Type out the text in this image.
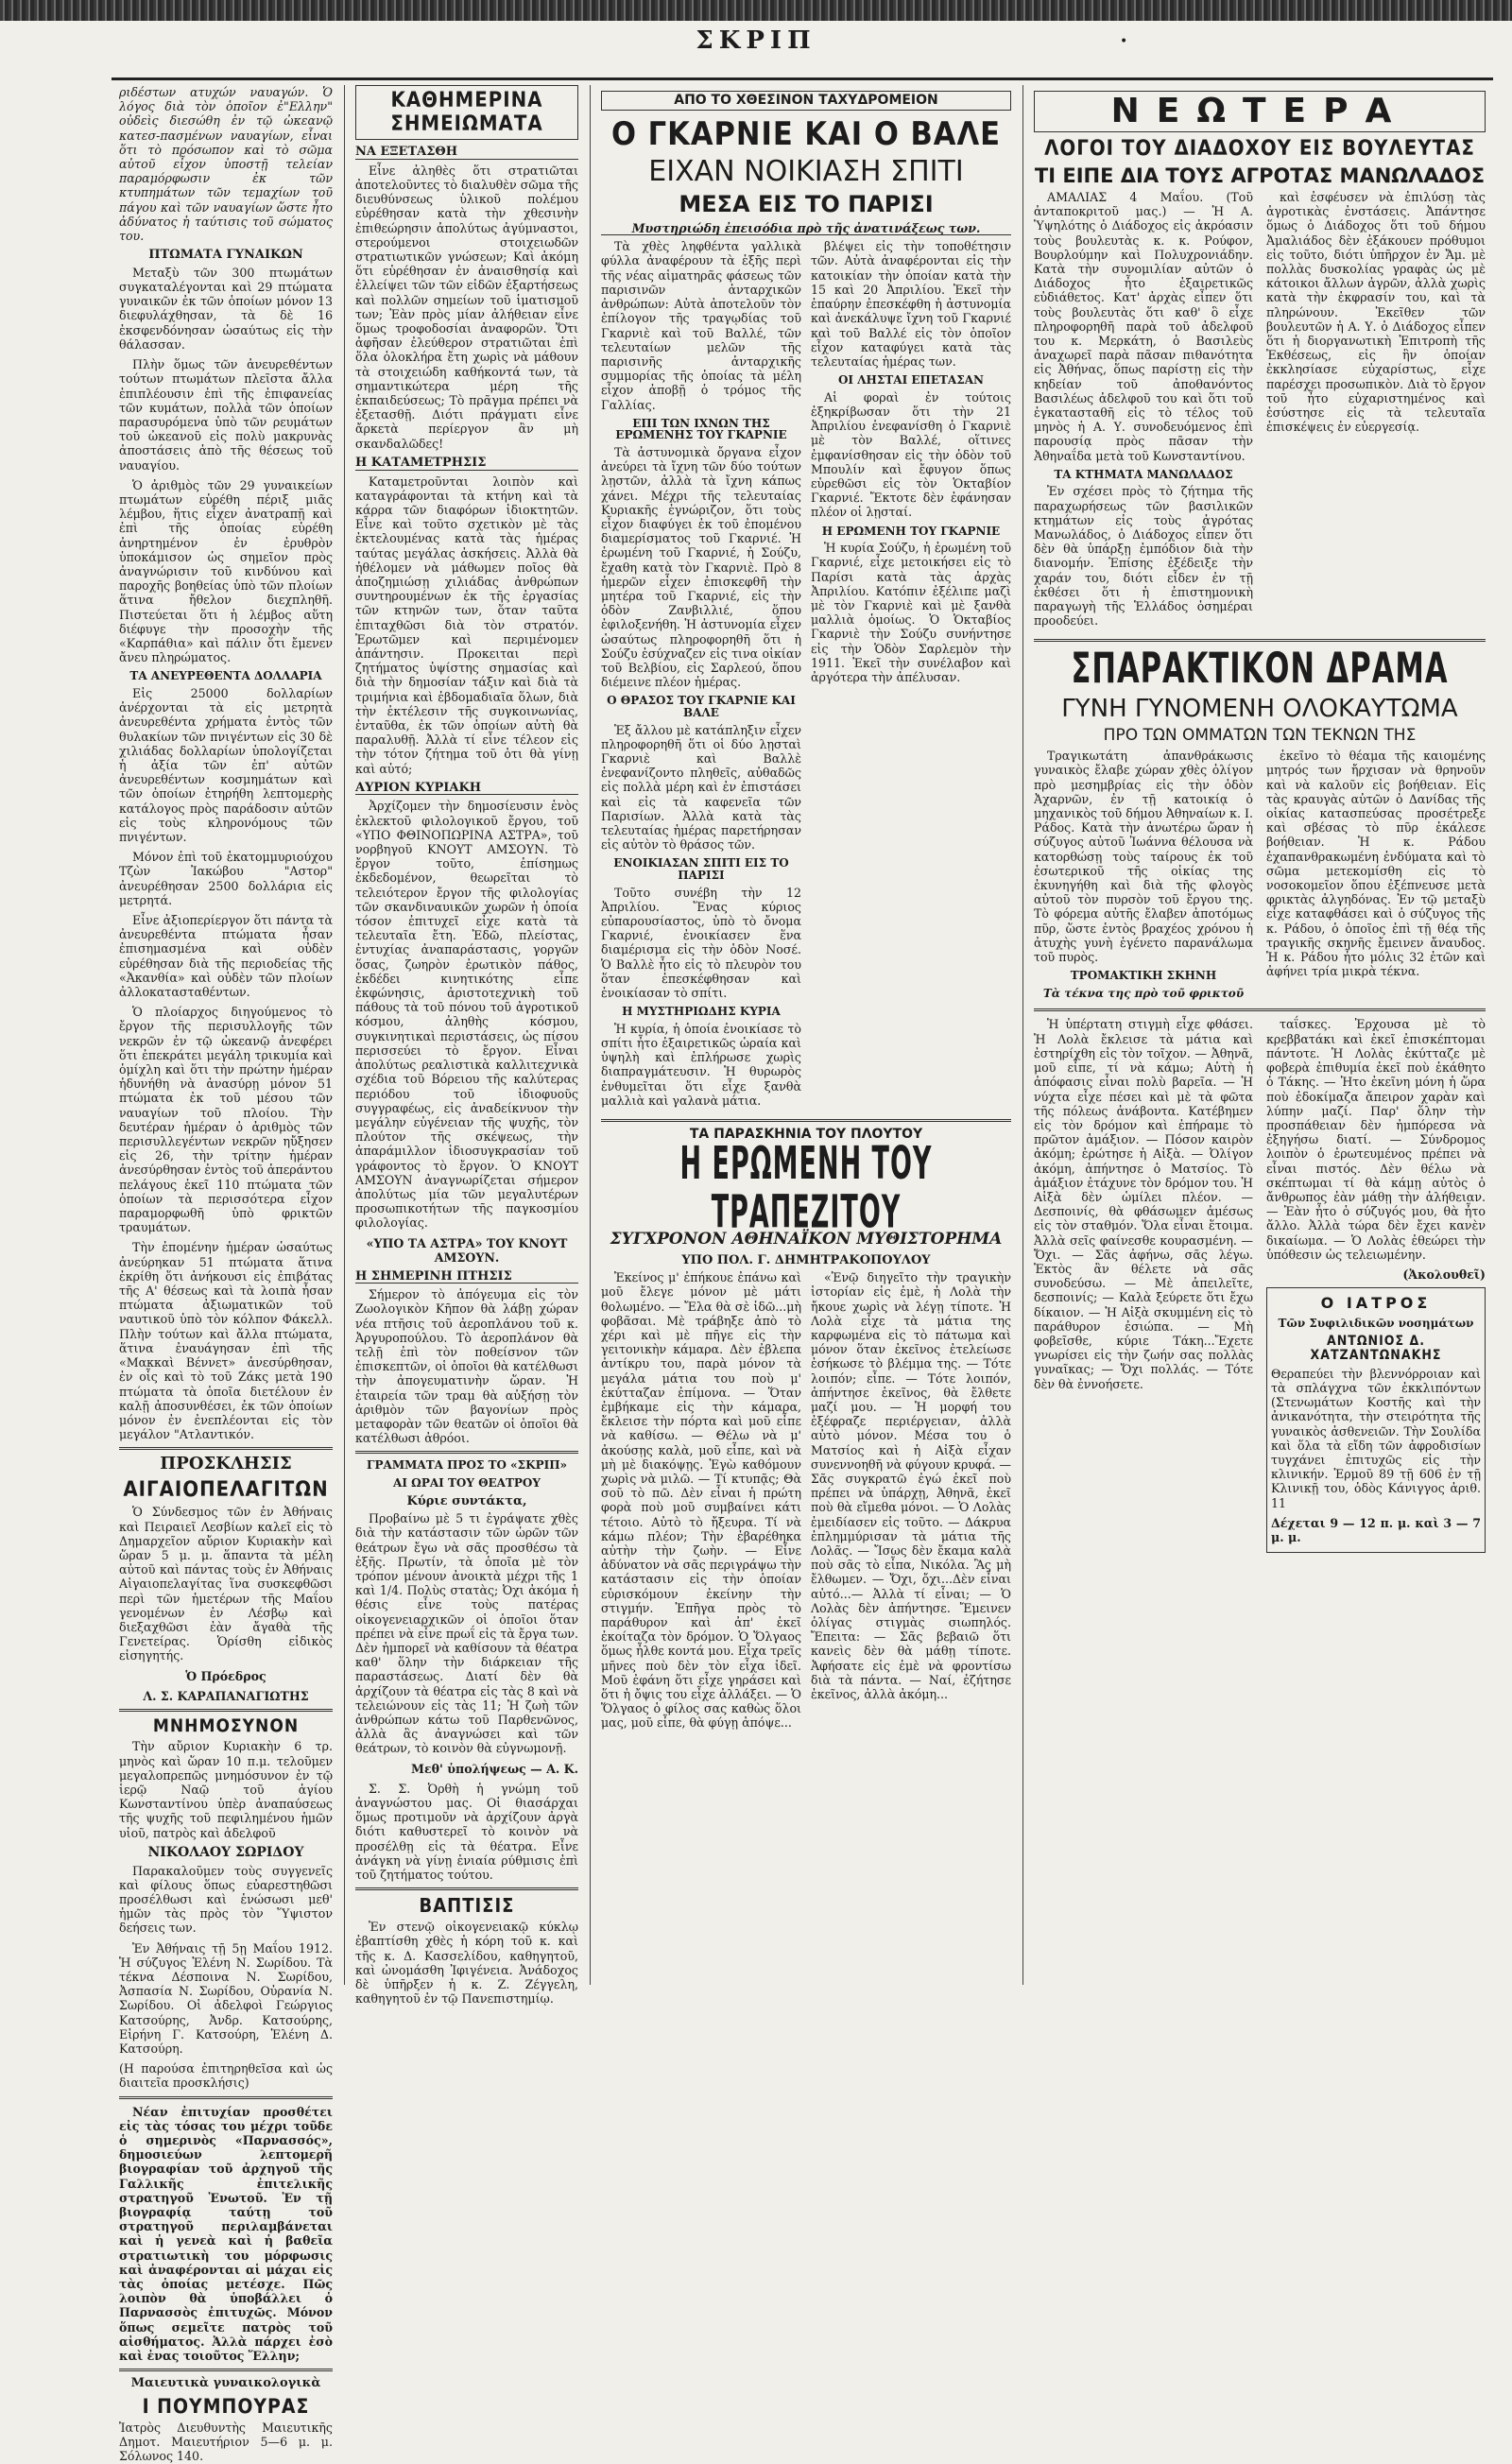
ΣΚΡΙΠ	•

ριδέστων ατυχών ναυαγών. Ὁ λόγος διὰ τὸν ὁποῖον ἐ"Ελλην" οὐδεὶς διεσώθη ἐν τῷ ὠκεανῷ κατεσ-πασμένων ναυαγίων, εἶναι ὅτι τὸ πρόσωπον καὶ τὸ σῶμα αὐτοῦ εἶχον ὑποστῇ τελείαν παραμόρφωσιν ἐκ τῶν κτυπημάτων τῶν τεμαχίων τοῦ πάγου καὶ τῶν ναυαγίων ὥστε ἦτο ἀδύνατος ἡ ταύτισις τοῦ σώματος του.

ΠΤΩΜΑΤΑ ΓΥΝΑΙΚΩΝ

Μεταξὺ τῶν 300 πτωμάτων συγκαταλέγονται καὶ 29 πτώματα γυναικῶν ἐκ τῶν ὁποίων μόνον 13 διεφυλάχθησαν, τὰ δὲ 16 ἐκσφενδόνησαν ὡσαύτως εἰς τὴν θάλασσαν.

Πλὴν ὅμως τῶν ἀνευρεθέντων τούτων πτωμάτων πλεῖστα ἄλλα ἐπιπλέουσιν ἐπὶ τῆς ἐπιφανείας τῶν κυμάτων, πολλὰ τῶν ὁποίων παρασυρόμενα ὑπὸ τῶν ρευμάτων τοῦ ὠκεανοῦ εἰς πολὺ μακρυνὰς ἀποστάσεις ἀπὸ τῆς θέσεως τοῦ ναυαγίου.

Ὁ ἀριθμὸς τῶν 29 γυναικείων πτωμάτων εὑρέθη πέριξ μιᾶς λέμβου, ἥτις εἶχεν ἀνατραπῇ καὶ ἐπὶ τῆς ὁποίας εὑρέθη ἀνηρτημένον ἐν ἐρυθρὸν ὑποκάμισον ὡς σημεῖον πρὸς ἀναγνώρισιν τοῦ κινδύνου καὶ παροχῆς βοηθείας ὑπὸ τῶν πλοίων ἅτινα ἤθελον διεχπληθῆ. Πιστεύεται ὅτι ἡ λέμβος αὕτη διέφυγε τὴν προσοχὴν τῆς «Καρπάθια» καὶ πάλιν ὅτι ἔμενεν ἄνευ πληρώματος.

ΤΑ ΑΝΕΥΡΕΘΕΝΤΑ ΔΟΛΛΑΡΙΑ

Εἰς 25000 δολλαρίων ἀνέρχονται τὰ εἰς μετρητὰ ἀνευρεθέντα χρήματα ἐντὸς τῶν θυλακίων τῶν πνιγέντων εἰς 30 δὲ χιλιάδας δολλαρίων ὑπολογίζεται ἡ ἀξία τῶν ἐπ' αὐτῶν ἀνευρεθέντων κοσμημάτων καὶ τῶν ὁποίων ἐτηρήθη λεπτομερὴς κατάλογος πρὸς παράδοσιν αὐτῶν εἰς τοὺς κληρονόμους τῶν πνιγέντων.

Μόνον ἐπὶ τοῦ ἑκατομμυριούχου Τζὼν Ἰακώβου "Αστορ" ἀνευρέθησαν 2500 δολλάρια εἰς μετρητά.

Εἶνε ἀξιοπερίεργον ὅτι πάντα τὰ ἀνευρεθέντα πτώματα ἦσαν ἐπισημασμένα καὶ οὐδὲν εὑρέθησαν διὰ τῆς περιοδείας τῆς «Ἀκανθία» καὶ οὐδὲν τῶν πλοίων ἀλλοκατασταθέντων.

Ὁ πλοίαρχος διηγούμενος τὸ ἔργον τῆς περισυλλογῆς τῶν νεκρῶν ἐν τῷ ὠκεανῷ ἀνεφέρει ὅτι ἐπεκράτει μεγάλη τρικυμία καὶ ὁμίχλη καὶ ὅτι τὴν πρώτην ἡμέραν ἠδυνήθη νὰ ἀνασύρῃ μόνον 51 πτώματα ἐκ τοῦ μέσου τῶν ναυαγίων τοῦ πλοίου. Τὴν δευτέραν ἡμέραν ὁ ἀριθμὸς τῶν περισυλλεγέντων νεκρῶν ηὔξησεν εἰς 26, τὴν τρίτην ἡμέραν ἀνεσύρθησαν ἐντὸς τοῦ ἀπεράντου πελάγους ἐκεῖ 110 πτώματα τῶν ὁποίων τὰ περισσότερα εἶχον παραμορφωθῆ ὑπὸ φρικτῶν τραυμάτων.

Τὴν ἐπομένην ἡμέραν ὡσαύτως ἀνεύρηκαν 51 πτώματα ἅτινα ἐκρίθη ὅτι ἀνήκουσι εἰς ἐπιβάτας τῆς Α' θέσεως καὶ τὰ λοιπὰ ἦσαν πτώματα ἀξιωματικῶν τοῦ ναυτικοῦ ὑπὸ τὸν κόλπον Φάκελλ. Πλὴν τούτων καὶ ἄλλα πτώματα, ἅτινα ἐναυάγησαν ἐπὶ τῆς «Μακκαὶ Βέννετ» ἀνεσύρθησαν, ἐν οἷς καὶ τὸ τοῦ Ζάκς μετὰ 190 πτώματα τὰ ὁποῖα διετέλουν ἐν καλῇ ἀποσυνθέσει, ἐκ τῶν ὁποίων μόνον ἐν ἐνεπλέονται εἰς τὸν μεγάλον "Ατλαντικόν.

ΠΡΟΣΚΛΗΣΙΣ
ΑΙΓΑΙΟΠΕΛΑΓΙΤΩΝ

Ὁ Σύνδεσμος τῶν ἐν Ἀθήναις καὶ Πειραιεῖ Λεσβίων καλεῖ εἰς τὸ Δημαρχεῖον αὔριον Κυριακὴν καὶ ὥραν 5 μ. μ. ἅπαντα τὰ μέλη αὐτοῦ καὶ πάντας τοὺς ἐν Ἀθήναις Αἰγαιοπελαγίτας ἵνα συσκεφθῶσι περὶ τῶν ἡμετέρων τῆς Μαΐου γενομένων ἐν Λέσβῳ καὶ διεξαχθῶσι ἐὰν ἄγαθὰ τῆς Γενετείρας. Ὁρίσθη εἰδικὸς εἰσηγητής.

Ὁ Πρόεδρος

Λ. Σ. ΚΑΡΑΠΑΝΑΓΙΩΤΗΣ

ΜΝΗΜΟΣΥΝΟΝ

Τὴν αὔριον Κυριακὴν 6 τρ. μηνὸς καὶ ὥραν 10 π.μ. τελοῦμεν μεγαλοπρεπῶς μνημόσυνον ἐν τῷ ἱερῷ Ναῷ τοῦ ἁγίου Κωνσταντίνου ὑπὲρ ἀναπαύσεως τῆς ψυχῆς τοῦ πεφιλημένου ἡμῶν υἱοῦ, πατρὸς καὶ ἀδελφοῦ

ΝΙΚΟΛΑΟΥ ΣΩΡΙΔΟΥ

Παρακαλοῦμεν τοὺς συγγενεῖς καὶ φίλους ὅπως εὐαρεστηθῶσι προσέλθωσι καὶ ἑνώσωσι μεθ' ἡμῶν τὰς πρὸς τὸν Ὕψιστον δεήσεις των.

Ἐν Ἀθήναις τῇ 5ῃ Μαΐου 1912. Ἡ σύζυγος Ἑλένη Ν. Σωρίδου. Τὰ τέκνα Δέσποινα Ν. Σωρίδου, Ἀσπασία Ν. Σωρίδου, Οὐρανία Ν. Σωρίδου. Οἱ ἀδελφοὶ Γεώργιος Κατσούρης, Ἀνδρ. Κατσούρης, Εἰρήνη Γ. Κατσούρη, Ἑλένη Δ. Κατσούρη.

(Η παρούσα ἐπιτηρηθεῖσα καὶ ὡς διαιτεῖα προσκλήσις)

Νέαν ἐπιτυχίαν προσθέτει εἰς τὰς τόσας του μέχρι τοῦδε ὁ σημερινὸς «Παρνασσός», δημοσιεύων λεπτομερῆ βιογραφίαν τοῦ ἀρχηγοῦ τῆς Γαλλικῆς ἐπιτελικῆς στρατηγοῦ Ἐνωτοῦ. Ἐν τῇ βιογραφίᾳ ταύτῃ τοῦ στρατηγοῦ περιλαμβάνεται καὶ ἡ γενεὰ καὶ ἡ βαθεῖα στρατιωτικὴ του μόρφωσις καὶ ἀναφέρονται αἱ μάχαι εἰς τὰς ὁποίας μετέσχε. Πῶς λοιπὸν θὰ ὑποβάλλει ὁ Παρνασσὸς ἐπιτυχῶς. Μόνον ὅπως σεμεῖτε πατρὸς τοῦ αἰσθήματος. Ἀλλὰ πάρχει ἐσὸ καὶ ἐνας τοιοῦτος Ἕλλην;

Μαιευτικὰ γυναικολογικὰ
Ι ΠΟΥΜΠΟΥΡΑΣ

Ἰατρὸς Διευθυντὴς Μαιευτικῆς Δημοτ. Μαιευτήριον 5—6 μ. μ. Σόλωνος 140.

ΚΑΘΗΜΕΡΙΝΑ
ΣΗΜΕΙΩΜΑΤΑ
ΝΑ ΕΞΕΤΑΣΘΗ

Εἶνε ἀληθὲς ὅτι στρατιῶται ἀποτελοῦντες τὸ διαλυθὲν σῶμα τῆς διευθύνσεως ὑλικοῦ πολέμου εὑρέθησαν κατὰ τὴν χθεσινὴν ἐπιθεώρησιν ἀπολύτως ἀγύμναστοι, στερούμενοι στοιχειωδῶν στρατιωτικῶν γνώσεων; Καὶ ἀκόμη ὅτι εὑρέθησαν ἐν ἀναισθησίᾳ καὶ ἐλλείψει τῶν τῶν εἰδῶν ἐξαρτήσεως καὶ πολλῶν σημείων τοῦ ἱματισμοῦ των; Ἐὰν πρὸς μίαν ἀλήθειαν εἶνε ὅμως τροφοδοσίαι ἀναφορῶν. Ὅτι ἀφῆσαν ἐλεύθερον στρατιῶται ἐπὶ ὅλα ὁλοκλήρα ἔτη χωρὶς νὰ μάθουν τὰ στοιχειώδη καθήκοντά των, τὰ σημαντικώτερα μέρη τῆς ἐκπαιδεύσεως; Τὸ πρᾶγμα πρέπει νὰ ἐξετασθῇ. Διότι πράγματι εἶνε ἄρκετὰ περίεργον ἂν μὴ σκανδαλῶδες!

Η ΚΑΤΑΜΕΤΡΗΣΙΣ

Καταμετροῦνται λοιπὸν καὶ καταγράφονται τὰ κτήνη καὶ τὰ κάρρα τῶν διαφόρων ἰδιοκτητῶν. Εἶνε καὶ τοῦτο σχετικὸν μὲ τὰς ἐκτελουμένας κατὰ τὰς ἡμέρας ταύτας μεγάλας ἀσκήσεις. Ἀλλὰ θὰ ἠθέλομεν νὰ μάθωμεν ποῖος θὰ ἀποζημιώσῃ χιλιάδας ἀνθρώπων συντηρουμένων ἐκ τῆς ἐργασίας τῶν κτηνῶν των, ὅταν ταῦτα ἐπιταχθῶσι διὰ τὸν στρατόν. Ἐρωτῶμεν καὶ περιμένομεν ἀπάντησιν. Προκειται περὶ ζητήματος ὑψίστης σημασίας καὶ διὰ τὴν δημοσίαν τάξιν καὶ διὰ τὰ τριμήνια καὶ ἐβδομαδιαῖα ὅλων, διὰ τὴν ἐκτέλεσιν τῆς συγκοινωνίας, ἐνταῦθα, ἐκ τῶν ὁποίων αὐτὴ θὰ παραλυθῇ. Ἀλλὰ τί εἶνε τέλεον εἰς τὴν τότον ζήτημα τοῦ ὁτι θὰ γίνῃ καὶ αὐτό;

ΑΥΡΙΟΝ ΚΥΡΙΑΚΗ

Ἀρχίζομεν τὴν δημοσίευσιν ἑνὸς ἐκλεκτοῦ φιλολογικοῦ ἔργου, τοῦ «ΥΠΟ ΦΘΙΝΟΠΩΡΙΝΑ ΑΣΤΡΑ», τοῦ νορβηγοῦ ΚΝΟΥΤ ΑΜΣΟΥΝ. Τὸ ἔργον τοῦτο, ἐπίσημως ἐκδεδομένον, θεωρεῖται τὸ τελειότερον ἔργον τῆς φιλολογίας τῶν σκανδιναυικῶν χωρῶν ἡ ὁποία τόσον ἐπιτυχεῖ εἶχε κατὰ τὰ τελευταῖα ἔτη. Ἐδῶ, πλείστας, ἐντυχίας ἀναπαράστασις, γοργῶν ὅσας, ζωηρὸν ἐρωτικὸν πάθος, ἐκδέδει κινητικότης εἶπε ἐκφώνησις, ἀριστοτεχνικὴ τοῦ πάθους τὰ τοῦ πόνου τοῦ ἀγροτικοῦ κόσμου, ἀληθὴς κόσμου, συγκινητικαὶ περιστάσεις, ὡς πίσου περισσεύει τὸ ἔργον. Εἶναι ἀπολύτως ρεαλιστικὰ καλλιτεχνικὰ σχέδια τοῦ Βόρειου τῆς καλύτερας περιόδου τοῦ ἰδιοφυοῦς συγγραφέως, εἰς ἀναδείκνυον τὴν μεγάλην εὐγένειαν τῆς ψυχῆς, τὸν πλούτον τῆς σκέψεως, τὴν ἀπαράμιλλον ἰδιοσυγκρασίαν τοῦ γράφοντος τὸ ἔργον. Ὁ ΚΝΟΥΤ ΑΜΣΟΥΝ ἀναγνωρίζεται σήμερον ἀπολύτως μία τῶν μεγαλυτέρων προσωπικοτήτων τῆς παγκοσμίου φιλολογίας.

«ΥΠΟ ΤΑ ΑΣΤΡΑ» ΤΟΥ ΚΝΟΥΤ ΑΜΣΟΥΝ.

Η ΣΗΜΕΡΙΝΗ ΠΤΗΣΙΣ

Σήμερον τὸ ἀπόγευμα εἰς τὸν Ζωολογικὸν Κῆπον θὰ λάβῃ χώραν νέα πτῆσις τοῦ ἀεροπλάνου τοῦ κ. Ἀργυροπούλου. Τὸ ἀεροπλάνον θὰ τελῇ ἐπὶ τὸν ποθείσνον τῶν ἐπισκεπτῶν, οἱ ὁποῖοι θὰ κατέλθωσι τὴν ἀπογευματινὴν ὥραν. Ἡ ἑταιρεία τῶν τραμ θὰ αὐξήσῃ τὸν ἀριθμὸν τῶν βαγονίων πρὸς μεταφορὰν τῶν θεατῶν οἱ ὁποῖοι θὰ κατέλθωσι ἀθρόοι.

ΓΡΑΜΜΑΤΑ ΠΡΟΣ ΤΟ «ΣΚΡΙΠ»
ΑΙ ΩΡΑΙ ΤΟΥ ΘΕΑΤΡΟΥ
Κύριε συντάκτα,

Προβαίνω μὲ 5 τι ἐγράψατε χθὲς διὰ τὴν κατάστασιν τῶν ὡρῶν τῶν θεάτρων ἔγω νὰ σᾶς προσθέσω τὰ ἑξῆς. Πρωτίν, τὰ ὁποῖα μὲ τὸν τρόπον μένουν ἀνοικτὰ μέχρι τῆς 1 καὶ 1/4. Πολὺς στατὰς; Ὀχι ἀκόμα ἡ θέσις εἶνε τοὺς πατέρας οἰκογενειαρχικῶν οἱ ὁποῖοι ὅταν πρέπει νὰ εἶνε πρωΐ εἰς τὰ ἔργα των. Δὲν ἠμπορεῖ νὰ καθίσουν τὰ θέατρα καθ' ὅλην τὴν διάρκειαν τῆς παραστάσεως. Διατί δὲν θὰ ἀρχίζουν τὰ θέατρα εἰς τὰς 8 καὶ νὰ τελειώνουν εἰς τὰς 11; Ἡ ζωὴ τῶν ἀνθρώπων κάτω τοῦ Παρθενῶνος, ἀλλὰ ἂς ἀναγνώσει καὶ τῶν θεάτρων, τὸ κοινὸν θὰ εὐγνωμονῇ.

Μεθ' ὑπολήψεως — Α. Κ.

Σ. Σ. Ὀρθὴ ἡ γνώμη τοῦ ἀναγνώστου μας. Οἱ θιασάρχαι ὅμως προτιμοῦν νὰ ἀρχίζουν ἀργὰ διότι καθυστερεῖ τὸ κοινὸν νὰ προσέλθῃ εἰς τὰ θέατρα. Εἶνε ἀνάγκη νὰ γίνῃ ἑνιαία ρύθμισις ἐπὶ τοῦ ζητήματος τούτου.

ΒΑΠΤΙΣΙΣ

Ἐν στενῷ οἰκογενειακῷ κύκλῳ ἐβαπτίσθη χθὲς ἡ κόρη τοῦ κ. καὶ τῆς κ. Δ. Κασσελίδου, καθηγητοῦ, καὶ ὠνομάσθη Ἰφιγένεια. Ἀνάδοχος δὲ ὑπῆρξεν ἡ κ. Ζ. Ζέγγελη, καθηγητοῦ ἐν τῷ Πανεπιστημίῳ.

ΑΠΟ ΤΟ ΧΘΕΣΙΝΟΝ ΤΑΧΥΔΡΟΜΕΙΟΝ
Ο ΓΚΑΡΝΙΕ ΚΑΙ Ο ΒΑΛΕ
ΕΙΧΑΝ ΝΟΙΚΙΑΣΗ ΣΠΙΤΙ
ΜΕΣΑ ΕΙΣ ΤΟ ΠΑΡΙΣΙ
Μυστηριώδη ἐπεισόδια πρὸ τῆς ἀνατινάξεως των.

Τὰ χθὲς ληφθέντα γαλλικὰ φύλλα ἀναφέρουν τὰ ἑξῆς περὶ τῆς νέας αἱματηρᾶς φάσεως τῶν παρισινῶν ἀνταρχικῶν ἀνθρώπων: Αὐτὰ ἀποτελοῦν τὸν ἐπίλογον τῆς τραγῳδίας τοῦ Γκαρνιὲ καὶ τοῦ Βαλλέ, τῶν τελευταίων μελῶν τῆς παρισινῆς ἀνταρχικῆς συμμορίας τῆς ὁποίας τὰ μέλη εἶχον ἀποβῇ ὁ τρόμος τῆς Γαλλίας.

ΕΠΙ ΤΩΝ ΙΧΝΩΝ ΤΗΣ ΕΡΩΜΕΝΗΣ ΤΟΥ ΓΚΑΡΝΙΕ

Τὰ ἀστυνομικὰ ὄργανα εἶχον ἀνεύρει τὰ ἴχνη τῶν δύο τούτων λῃστῶν, ἀλλὰ τὰ ἴχνη κάπως χάνει. Μέχρι τῆς τελευταίας Κυριακῆς ἐγνώριζον, ὅτι τοὺς εἶχον διαφύγει ἐκ τοῦ ἐπομένου διαμερίσματος τοῦ Γκαρνιέ. Ἡ ἐρωμένη τοῦ Γκαρνιέ, ἡ Σούζυ, ἔχαθη κατὰ τὸν Γκαρνιὲ. Πρὸ 8 ἡμερῶν εἶχεν ἐπισκεφθῆ τὴν μητέρα τοῦ Γκαρνιέ, εἰς τὴν ὁδὸν Ζανβιλλιέ, ὅπου ἐφιλοξενήθη. Ἡ ἀστυνομία εἶχεν ὡσαύτως πληροφορηθῆ ὅτι ἡ Σούζυ ἐσύχναζεν εἰς τινα οἰκίαν τοῦ Βελβίου, εἰς Σαρλεού, ὅπου διέμεινε πλέον ἡμέρας.

Ο ΘΡΑΣΟΣ ΤΟΥ ΓΚΑΡΝΙΕ ΚΑΙ ΒΑΛΕ

Ἐξ ἄλλου μὲ κατάπληξιν εἶχεν πληροφορηθῆ ὅτι οἱ δύο λῃσταὶ Γκαρνιὲ καὶ Βαλλὲ ἐνεφανίζοντο πληθεῖς, αὐθαδῶς εἰς πολλὰ μέρη καὶ ἐν ἐπιστάσει καὶ εἰς τὰ καφενεῖα τῶν Παρισίων. Ἀλλὰ κατὰ τὰς τελευταίας ἡμέρας παρετήρησαν εἰς αὐτὸν τὸ θράσος τῶν.

ΕΝΟΙΚΙΑΣΑΝ ΣΠΙΤΙ ΕΙΣ ΤΟ ΠΑΡΙΣΙ

Τοῦτο συνέβη τὴν 12 Ἀπριλίου. Ἕνας κύριος εὐπαρουσίαστος, ὑπὸ τὸ ὄνομα Γκαρνιέ, ἐνοικίασεν ἕνα διαμέρισμα εἰς τὴν ὁδὸν Νοσέ. Ὁ Βαλλὲ ἦτο εἰς τὸ πλευρὸν του ὅταν ἐπεσκέφθησαν καὶ ἐνοικίασαν τὸ σπίτι.

Η ΜΥΣΤΗΡΙΩΔΗΣ ΚΥΡΙΑ

Ἡ κυρία, ἡ ὁποία ἐνοικίασε τὸ σπίτι ἦτο ἐξαιρετικῶς ὡραία καὶ ὑψηλὴ καὶ ἐπλήρωσε χωρὶς διαπραγμάτευσιν. Ἡ θυρωρὸς ἐνθυμεῖται ὅτι εἶχε ξανθὰ μαλλιὰ καὶ γαλανὰ μάτια.

βλέψει εἰς τὴν τοποθέτησιν τῶν. Αὐτὰ ἀναφέρονται εἰς τὴν κατοικίαν τὴν ὁποίαν κατὰ τὴν 15 καὶ 20 Ἀπριλίου. Ἐκεῖ τὴν ἐπαύρην ἐπεσκέφθη ἡ ἀστυνομία καὶ ἀνεκάλυψε ἴχνη τοῦ Γκαρνιέ καὶ τοῦ Βαλλέ εἰς τὸν ὁποῖον εἶχον καταφύγει κατὰ τὰς τελευταίας ἡμέρας των.

ΟΙ ΛΗΣΤΑΙ ΕΠΕΤΑΣΑΝ

Αἱ φοραὶ ἐν τούτοις ἐξηκρίβωσαν ὅτι τὴν 21 Ἀπριλίου ἐνεφανίσθη ὁ Γκαρνιὲ μὲ τὸν Βαλλέ, οἵτινες ἐμφανίσθησαν εἰς τὴν ὁδὸν τοῦ Μπουλίν καὶ ἔφυγον ὅπως εὑρεθῶσι εἰς τὸν Ὁκταβίον Γκαρνιέ. Ἔκτοτε δὲν ἐφάνησαν πλέον οἱ λῃσταί.

Η ΕΡΩΜΕΝΗ ΤΟΥ ΓΚΑΡΝΙΕ

Ἡ κυρία Σούζυ, ἡ ἐρωμένη τοῦ Γκαρνιέ, εἶχε μετοικήσει εἰς τὸ Παρίσι κατὰ τὰς ἀρχὰς Ἀπριλίου. Κατόπιν ἐξέλιπε μαζὶ μὲ τὸν Γκαρνιὲ καὶ μὲ ξανθὰ μαλλιὰ ὁμοίως. Ὁ Ὁκταβίος Γκαρνιὲ τὴν Σούζυ συνήντησε εἰς τὴν Ὁδὸν Σαρλεμὸν τὴν 1911. Ἐκεῖ τὴν συνέλαβον καὶ ἀργότερα τὴν ἀπέλυσαν.

ΤΑ ΠΑΡΑΣΚΗΝΙΑ ΤΟΥ ΠΛΟΥΤΟΥ
Η ΕΡΩΜΕΝΗ ΤΟΥ ΤΡΑΠΕΖΙΤΟΥ
ΣΥΓΧΡΟΝΟΝ ΑΘΗΝΑΪΚΟΝ ΜΥΘΙΣΤΟΡΗΜΑ
ΥΠΟ ΠΟΛ. Γ. ΔΗΜΗΤΡΑΚΟΠΟΥΛΟΥ

Ἐκείνος μ' ἐπήκουε ἐπάνω καὶ μοῦ ἔλεγε μόνον μὲ μάτι θολωμένο. — Ἔλα θὰ σὲ ἰδῶ...μὴ φοβᾶσαι. Μὲ τράβηξε ἀπὸ τὸ χέρι καὶ μὲ πῆγε εἰς τὴν γειτονικὴν κάμαρα. Δὲν ἐβλεπα ἀντίκρυ του, παρὰ μόνον τὰ μεγάλα μάτια του ποὺ μ' ἐκύτταζαν ἐπίμονα. — Ὅταν ἐμβήκαμε εἰς τὴν κάμαρα, ἔκλεισε τὴν πόρτα καὶ μοῦ εἶπε νὰ καθίσω. — Θέλω νὰ μ' ἀκούσῃς καλὰ, μοῦ εἶπε, καὶ νὰ μὴ μὲ διακόψῃς. Ἐγὼ καθόμουν χωρὶς νὰ μιλῶ. — Τί κτυπᾷς; Θὰ σοῦ τὸ πῶ. Δὲν εἶναι ἡ πρώτη φορὰ ποὺ μοῦ συμβαίνει κάτι τέτοιο. Αὐτὸ τὸ ἤξευρα. Τί νὰ κάμω πλέον; Τὴν ἐβαρέθηκα αὐτὴν τὴν ζωὴν. — Εἶνε ἀδύνατον νὰ σᾶς περιγράψω τὴν κατάστασιν εἰς τὴν ὁποίαν εὑρισκόμουν ἐκείνην τὴν στιγμήν. Ἐπῆγα πρὸς τὸ παράθυρον καὶ ἀπ' ἐκεῖ ἐκοίταζα τὸν δρόμον. Ὁ Ὅλγαος ὅμως ἦλθε κοντά μου. Εἶχα τρεῖς μῆνες ποὺ δὲν τὸν εἶχα ἰδεῖ. Μοῦ ἐφάνη ὅτι εἶχε γηράσει καὶ ὅτι ἡ ὄψις του εἶχε ἀλλάξει. — Ὁ Ὅλγαος ὁ φίλος σας καθὼς ὅλοι μας, μοῦ εἶπε, θὰ φύγῃ ἀπόψε...

«Ἐνῷ διηγεῖτο τὴν τραγικὴν ἱστορίαν εἰς ἐμὲ, ἡ Λολὰ τὴν ἤκουε χωρὶς νὰ λέγῃ τίποτε. Ἡ Λολὰ εἶχε τὰ μάτια της καρφωμένα εἰς τὸ πάτωμα καὶ μόνον ὅταν ἐκεῖνος ἐτελείωσε ἐσήκωσε τὸ βλέμμα της. — Τότε λοιπόν; εἶπε. — Τότε λοιπόν, ἀπήντησε ἐκεῖνος, θὰ ἔλθετε μαζί μου. — Ἡ μορφή του ἐξέφραζε περιέργειαν, ἀλλὰ αὐτὸ μόνον. Μέσα του ὁ Ματσίος καὶ ἡ Αἰξὰ εἶχαν συνεννοηθῆ νὰ φύγουν κρυφά. — Σᾶς συγκρατῶ ἐγώ ἐκεῖ ποὺ πρέπει νὰ ὑπάρχῃ, Ἀθηνᾶ, ἐκεῖ ποὺ θὰ εἴμεθα μόνοι. — Ὁ Λολὰς ἐμειδίασεν εἰς τοῦτο. — Δάκρυα ἐπλημμύρισαν τὰ μάτια τῆς Λολᾶς. — Ἴσως δὲν ἔκαμα καλὰ ποὺ σᾶς τὸ εἶπα, Νικόλα. Ἂς μὴ ἔλθωμεν. — Ὄχι, ὄχι...Δὲν εἶναι αὐτό...— Ἀλλὰ τί εἶναι; — Ὁ Λολὰς δὲν ἀπήντησε. Ἔμεινεν ὀλίγας στιγμὰς σιωπηλός. Ἔπειτα: — Σᾶς βεβαιῶ ὅτι κανεὶς δὲν θὰ μάθῃ τίποτε. Ἀφήσατε εἰς ἐμὲ νὰ φροντίσω διὰ τὰ πάντα. — Ναί, ἐζήτησε ἐκεῖνος, ἀλλὰ ἀκόμη...

ΝΕΩΤΕΡΑ
ΛΟΓΟΙ ΤΟΥ ΔΙΑΔΟΧΟΥ ΕΙΣ ΒΟΥΛΕΥΤΑΣ
ΤΙ ΕΙΠΕ ΔΙΑ ΤΟΥΣ ΑΓΡΟΤΑΣ ΜΑΝΩΛΑΔΟΣ

ΑΜΑΛΙΑΣ 4 Μαΐου. (Τοῦ ἀνταποκριτοῦ μας.) — Ἡ Α. Ὑψηλότης ὁ Διάδοχος εἰς ἀκρόασιν τοὺς βουλευτὰς κ. κ. Ρούφον, Βουρλούμην καὶ Πολυχρονιάδην. Κατὰ τὴν συνομιλίαν αὐτῶν ὁ Διάδοχος ἦτο ἐξαιρετικῶς εὐδιάθετος. Κατ' ἀρχὰς εἶπεν ὅτι τοὺς βουλευτὰς ὅτι καθ' ὃ εἶχε πληροφορηθῆ παρὰ τοῦ ἀδελφοῦ του κ. Μερκάτη, ὁ Βασιλεὺς ἀναχωρεῖ παρὰ πᾶσαν πιθανότητα εἰς Ἀθήνας, ὅπως παρίστῃ εἰς τὴν κηδείαν τοῦ ἀποθανόντος Βασιλέως ἀδελφοῦ του καὶ ὅτι τοῦ ἐγκατασταθῆ εἰς τὸ τέλος τοῦ μηνὸς ἡ Α. Υ. συνοδευόμενος ἐπὶ παρουσίᾳ πρὸς πᾶσαν τὴν Ἀθηναΐδα μετὰ τοῦ Κωνσταντίνου.

ΤΑ ΚΤΗΜΑΤΑ ΜΑΝΩΛΑΔΟΣ

Ἐν σχέσει πρὸς τὸ ζήτημα τῆς παραχωρήσεως τῶν βασιλικῶν κτημάτων εἰς τοὺς ἀγρότας Μανωλάδος, ὁ Διάδοχος εἶπεν ὅτι δὲν θὰ ὑπάρξῃ ἐμπόδιον διὰ τὴν διανομήν. Ἐπίσης ἐξέδειξε τὴν χαράν του, διότι εἶδεν ἐν τῇ ἐκθέσει ὅτι ἡ ἐπιστημονικὴ παραγωγὴ τῆς Ἑλλάδος ὁσημέραι προοδεύει.

καὶ ἐσφέυσεν νὰ ἐπιλύσῃ τὰς ἀγροτικὰς ἐνστάσεις. Ἀπάντησε ὅμως ὁ Διάδοχος ὅτι τοῦ δήμου Ἀμαλιάδος δὲν ἐξάκουεν πρόθυμοι εἰς τοῦτο, διότι ὑπῆρχον ἐν Ἄμ. μὲ πολλὰς δυσκολίας γραφὰς ὡς μὲ κάτοικοι ἄλλων ἀγρῶν, ἀλλὰ χωρὶς κατὰ τὴν ἐκφρασίν του, καὶ τὰ πληρώνουν. Ἐκεῖθεν τῶν βουλευτῶν ἡ Α. Υ. ὁ Διάδοχος εἶπεν ὅτι ἡ διοργανωτικὴ Ἐπιτροπὴ τῆς Ἐκθέσεως, εἰς ἣν ὁποίαν ἐκκλησίασε εὐχαρίστως, εἶχε παρέσχει προσωπικὸν. Διὰ τὸ ἔργον τοῦ ἦτο εὐχαριστημένος καὶ ἐσύστησε εἰς τὰ τελευταῖα ἐπισκέψεις ἐν εὐεργεσίᾳ.

ΣΠΑΡΑΚΤΙΚΟΝ ΔΡΑΜΑ
ΓΥΝΗ ΓΥΝΟΜΕΝΗ ΟΛΟΚΑΥΤΩΜΑ
ΠΡΟ ΤΩΝ ΟΜΜΑΤΩΝ ΤΩΝ ΤΕΚΝΩΝ ΤΗΣ

Τραγικωτάτη ἀπανθράκωσις γυναικὸς ἔλαβε χώραν χθὲς ὀλίγον πρὸ μεσημβρίας εἰς τὴν ὁδὸν Ἀχαρνῶν, ἐν τῇ κατοικίᾳ ὁ μηχανικὸς τοῦ δήμου Ἀθηναίων κ. Ι. Ράδος. Κατὰ τὴν ἀνωτέρω ὥραν ἡ σύζυγος αὐτοῦ Ἰωάννα θέλουσα νὰ κατορθώσῃ τοὺς ταίρους ἐκ τοῦ ἐσωτερικοῦ τῆς οἰκίας της ἐκυνηγήθη καὶ διὰ τῆς φλογὸς αὐτοῦ τὸν πυρσὸν τοῦ ἔργου της. Τὸ φόρεμα αὐτῆς ἔλαβεν ἀποτόμως πῦρ, ὥστε ἐντὸς βραχέος χρόνου ἡ ἀτυχὴς γυνὴ ἐγένετο παρανάλωμα τοῦ πυρὸς.

ΤΡΟΜΑΚΤΙΚΗ ΣΚΗΝΗ
Τὰ τέκνα της πρὸ τοῦ φρικτοῦ

ἐκεῖνο τὸ θέαμα τῆς καιομένης μητρός των ἤρχισαν νὰ θρηνοῦν καὶ νὰ καλοῦν εἰς βοήθειαν. Εἰς τὰς κραυγὰς αὐτῶν ὁ Δανίδας τῆς οἰκίας κατασπεύσας προσέτρεξε καὶ σβέσας τὸ πῦρ ἐκάλεσε βοήθειαν. Ἡ κ. Ράδου ἐχαπανθρακωμένη ἐνδύματα καὶ τὸ σῶμα μετεκομίσθη εἰς τὸ νοσοκομεῖον ὅπου ἐξέπνευσε μετὰ φρικτὰς ἀλγηδόνας. Ἐν τῷ μεταξὺ εἶχε καταφθάσει καὶ ὁ σύζυγος τῆς κ. Ράδου, ὁ ὁποῖος ἐπὶ τῇ θέᾳ τῆς τραγικῆς σκηνῆς ἔμεινεν ἄναυδος. Ἡ κ. Ράδου ἦτο μόλις 32 ἐτῶν καὶ ἀφήνει τρία μικρὰ τέκνα.

Ἡ ὑπέρτατη στιγμὴ εἶχε φθάσει. Ἡ Λολὰ ἔκλεισε τὰ μάτια καὶ ἐστηρίχθη εἰς τὸν τοῖχον. — Ἀθηνᾶ, μοῦ εἶπε, τί νὰ κάμω; Αὐτὴ ἡ ἀπόφασις εἶναι πολὺ βαρεῖα. — Ἡ νύχτα εἶχε πέσει καὶ μὲ τὰ φῶτα τῆς πόλεως ἀνάβοντα. Κατέβημεν εἰς τὸν δρόμον καὶ ἐπήραμε τὸ πρῶτον ἁμάξιον. — Πόσον καιρὸν ἀκόμη; ἐρώτησε ἡ Αἰξὰ. — Ὀλίγον ἀκόμη, ἀπήντησε ὁ Ματσίος. Τὸ ἁμάξιον ἐτάχυνε τὸν δρόμον του. Ἡ Αἰξὰ δὲν ὡμίλει πλέον. — Δεσποινίς, θὰ φθάσωμεν ἀμέσως εἰς τὸν σταθμόν. Ὅλα εἶναι ἕτοιμα. Ἀλλὰ σεῖς φαίνεσθε κουρασμένη. — Ὄχι. — Σᾶς ἀφήνω, σᾶς λέγω. Ἐκτὸς ἂν θέλετε νὰ σᾶς συνοδεύσω. — Μὲ ἀπειλεῖτε, δεσποινίς; — Καλὰ ξεύρετε ὅτι ἔχω δίκαιον. — Ἡ Αἰξὰ σκυμμένη εἰς τὸ παράθυρον ἐσιώπα. — Μὴ φοβεῖσθε, κύριε Τάκη...Ἔχετε γνωρίσει εἰς τὴν ζωήν σας πολλὰς γυναῖκας; — Ὄχι πολλάς. — Τότε δὲν θὰ ἐννοήσετε.

ταΐσκες. Ἐρχουσα μὲ τὸ κρεββατάκι καὶ ἐκεῖ ἐπισκέπτομαι πάντοτε. Ἡ Λολὰς ἐκύτταζε μὲ φοβερὰ ἐπιθυμία ἐκεῖ ποὺ ἐκάθητο ὁ Τάκης. — Ἠτο ἐκεῖνη μόνη ἡ ὥρα ποὺ ἐδοκίμαζα ἄπειρον χαρὰν καὶ λύπην μαζί. Παρ' ὅλην τὴν προσπάθειαν δὲν ἠμπόρεσα νὰ ἐξηγήσω διατί. — Σύνδρομος λοιπὸν ὁ ἐρωτευμένος πρέπει νὰ εἶναι πιστός. Δὲν θέλω νὰ σκέπτωμαι τί θὰ κάμῃ αὐτὸς ὁ ἄνθρωπος ἐὰν μάθῃ τὴν ἀλήθειαν. — Ἐὰν ἦτο ὁ σύζυγός μου, θὰ ἦτο ἄλλο. Ἀλλὰ τώρα δὲν ἔχει κανὲν δικαίωμα. — Ὁ Λολὰς ἐθεώρει τὴν ὑπόθεσιν ὡς τελειωμένην.

(Ἀκολουθεῖ)

Ο ΙΑΤΡΟΣ
Τῶν Συφιλιδικῶν νοσημάτων
ΑΝΤΩΝΙΟΣ Δ. ΧΑΤΖΑΝΤΩΝΑΚΗΣ

Θεραπεύει τὴν βλεννόρροιαν καὶ τὰ σπλάγχνα τῶν ἐκκλιπόντων (Στενωμάτων Κοστῆς καὶ τὴν ἀνικανότητα, τὴν στειρότητα τῆς γυναικὸς ἀσθενειῶν. Τὴν Σουλίδα καὶ ὅλα τὰ εἴδη τῶν ἀφροδισίων τυγχάνει ἐπιτυχῶς εἰς τὴν κλινικήν. Ἐρμοῦ 89 τῇ 606 ἐν τῇ Κλινικῇ του, ὁδὸς Κάνιγγος ἀριθ. 11

Δέχεται 9 — 12 π. μ. καὶ 3 — 7 μ. μ.
